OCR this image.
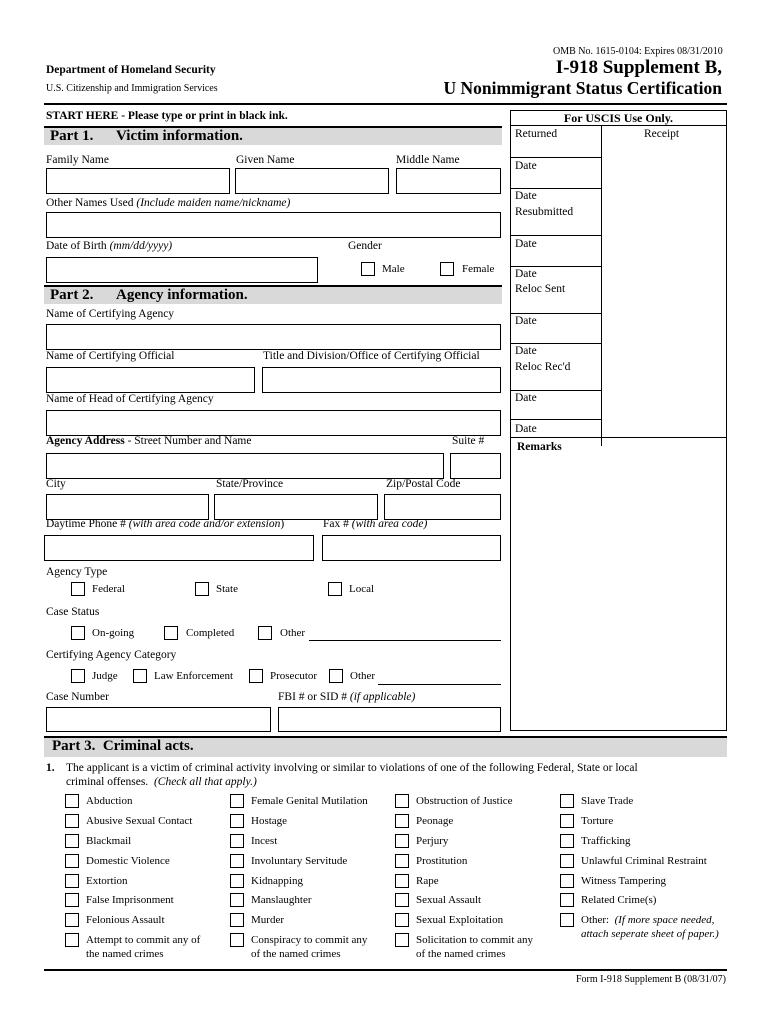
OMB No. 1615-0104: Expires 08/31/2010
Department of Homeland Security
U.S. Citizenship and Immigration Services
I-918 Supplement B,
U Nonimmigrant Status Certification
START HERE - Please type or print in black ink.
Part 1. Victim information.
Family Name	Given Name	Middle Name
Other Names Used (Include maiden name/nickname)
Date of Birth (mm/dd/yyyy)	Gender
Male	Female
Part 2. Agency information.
Name of Certifying Agency
Name of Certifying Official	Title and Division/Office of Certifying Official
Name of Head of Certifying Agency
Agency Address - Street Number and Name	Suite #
City	State/Province	Zip/Postal Code
Daytime Phone # (with area code and/or extension)	Fax # (with area code)
Agency Type
Federal	State	Local
Case Status
On-going	Completed	Other
Certifying Agency Category
Judge	Law Enforcement	Prosecutor	Other
Case Number	FBI # or SID # (if applicable)
For USCIS Use Only.
Returned	Receipt
Date
Date
Resubmitted
Date
Date
Reloc Sent
Date
Date
Reloc Rec'd
Date
Date
Remarks
Part 3.  Criminal acts.
1. The applicant is a victim of criminal activity involving or similar to violations of one of the following Federal, State or local
criminal offenses.  (Check all that apply.)
Abduction
Abusive Sexual Contact
Blackmail
Domestic Violence
Extortion
False Imprisonment
Felonious Assault
Attempt to commit any of
the named crimes
Female Genital Mutilation
Hostage
Incest
Involuntary Servitude
Kidnapping
Manslaughter
Murder
Conspiracy to commit any
of the named crimes
Obstruction of Justice
Peonage
Perjury
Prostitution
Rape
Sexual Assault
Sexual Exploitation
Solicitation to commit any
of the named crimes
Slave Trade
Torture
Trafficking
Unlawful Criminal Restraint
Witness Tampering
Related Crime(s)
Other:  (If more space needed,
attach seperate sheet of paper.)
Form I-918 Supplement B (08/31/07)
